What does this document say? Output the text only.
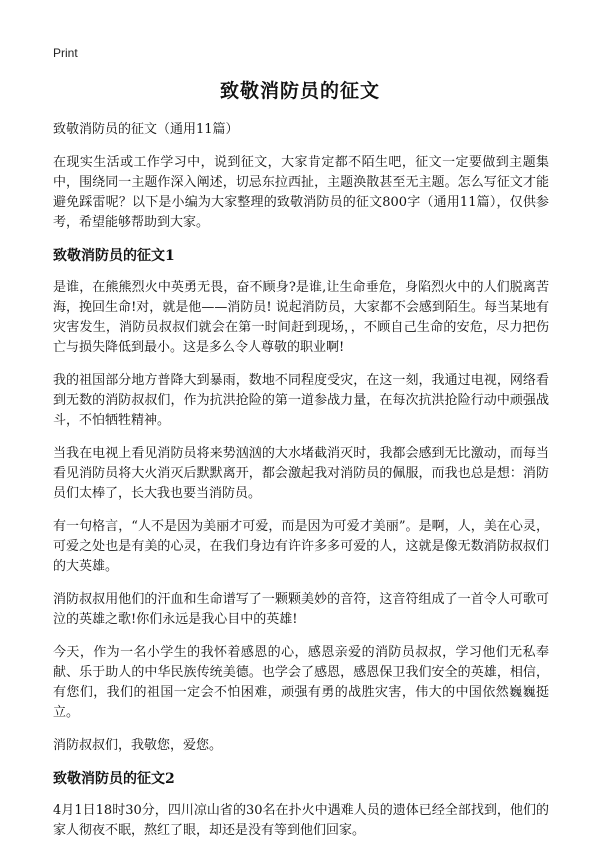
Print
致敬消防员的征文

致敬消防员的征文（通用11篇）

在现实生活或工作学习中，说到征文，大家肯定都不陌生吧，征文一定要做到主题集中，围绕同一主题作深入阐述，切忌东拉西扯，主题涣散甚至无主题。怎么写征文才能避免踩雷呢？以下是小编为大家整理的致敬消防员的征文800字（通用11篇），仅供参考，希望能够帮助到大家。

致敬消防员的征文1

是谁，在熊熊烈火中英勇无畏，奋不顾身?是谁,让生命垂危，身陷烈火中的人们脱离苦海，挽回生命!对，就是他——消防员! 说起消防员，大家都不会感到陌生。每当某地有灾害发生，消防员叔叔们就会在第一时间赶到现场，，不顾自己生命的安危，尽力把伤亡与损失降低到最小。这是多么令人尊敬的职业啊!

我的祖国部分地方普降大到暴雨，数地不同程度受灾，在这一刻，我通过电视，网络看到无数的消防叔叔们，作为抗洪抢险的第一道参战力量，在每次抗洪抢险行动中顽强战斗，不怕牺牲精神。

当我在电视上看见消防员将来势汹汹的大水堵截消灭时，我都会感到无比激动，而每当看见消防员将大火消灭后默默离开，都会激起我对消防员的佩服，而我也总是想：消防员们太棒了，长大我也要当消防员。

有一句格言，“人不是因为美丽才可爱，而是因为可爱才美丽”。是啊，人，美在心灵，可爱之处也是有美的心灵，在我们身边有许许多多可爱的人，这就是像无数消防叔叔们的大英雄。

消防叔叔用他们的汗血和生命谱写了一颗颗美妙的音符，这音符组成了一首令人可歌可泣的英雄之歌!你们永远是我心目中的英雄!

今天，作为一名小学生的我怀着感恩的心，感恩亲爱的消防员叔叔，学习他们无私奉献、乐于助人的中华民族传统美德。也学会了感恩，感恩保卫我们安全的英雄，相信，有您们，我们的祖国一定会不怕困难，顽强有勇的战胜灾害，伟大的中国依然巍巍挺立。

消防叔叔们，我敬您，爱您。

致敬消防员的征文2

4月1日18时30分，四川凉山省的30名在扑火中遇难人员的遗体已经全部找到，他们的家人彻夜不眠，熬红了眼，却还是没有等到他们回家。
